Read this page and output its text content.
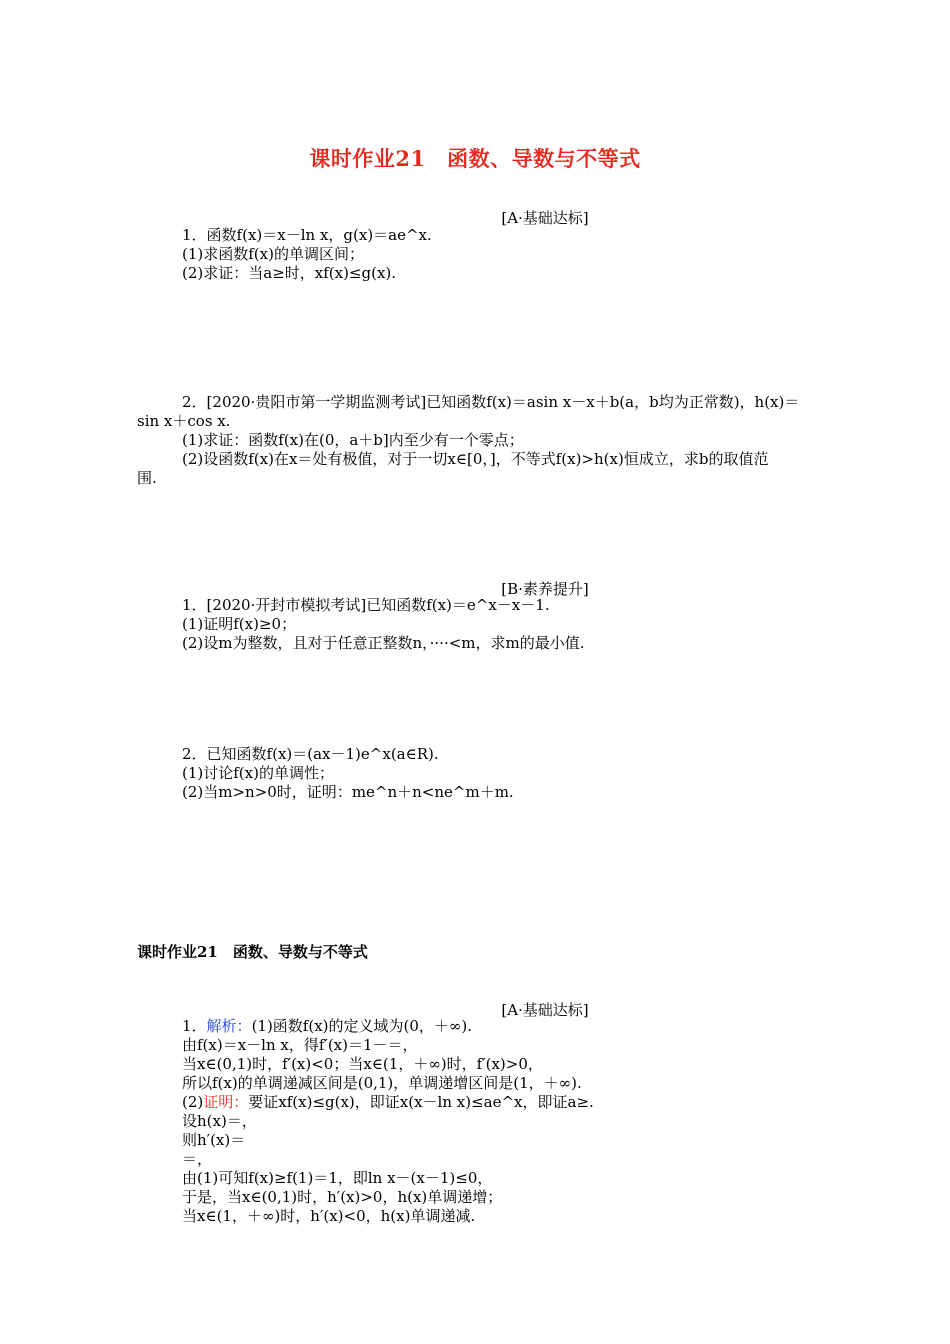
课时作业21　函数、导数与不等式
[A·基础达标]
1．函数f(x)＝x－ln x，g(x)＝ae^x.
(1)求函数f(x)的单调区间；
(2)求证：当a≥时，xf(x)≤g(x).
2．[2020·贵阳市第一学期监测考试]已知函数f(x)＝asin x－x＋b(a，b均为正常数)，h(x)＝
sin x＋cos x.
(1)求证：函数f(x)在(0，a＋b]内至少有一个零点；
(2)设函数f(x)在x＝处有极值，对于一切x∈[0，]，不等式f(x)>h(x)恒成立，求b的取值范
围.
[B·素养提升]
1．[2020·开封市模拟考试]已知函数f(x)＝e^x－x－1.
(1)证明f(x)≥0；
(2)设m为整数，且对于任意正整数n，····<m，求m的最小值.
2．已知函数f(x)＝(ax－1)e^x(a∈R).
(1)讨论f(x)的单调性；
(2)当m>n>0时，证明：me^n＋n<ne^m＋m.
课时作业21　函数、导数与不等式
[A·基础达标]
1．解析：(1)函数f(x)的定义域为(0，＋∞).
由f(x)＝x－ln x，得f′(x)＝1－＝，
当x∈(0,1)时，f′(x)<0；当x∈(1，＋∞)时，f′(x)>0，
所以f(x)的单调递减区间是(0,1)，单调递增区间是(1，＋∞).
(2)证明：要证xf(x)≤g(x)，即证x(x－ln x)≤ae^x，即证a≥.
设h(x)＝，
则h′(x)＝
＝，
由(1)可知f(x)≥f(1)＝1，即ln x－(x－1)≤0，
于是，当x∈(0,1)时，h′(x)>0，h(x)单调递增；
当x∈(1，＋∞)时，h′(x)<0，h(x)单调递减.
